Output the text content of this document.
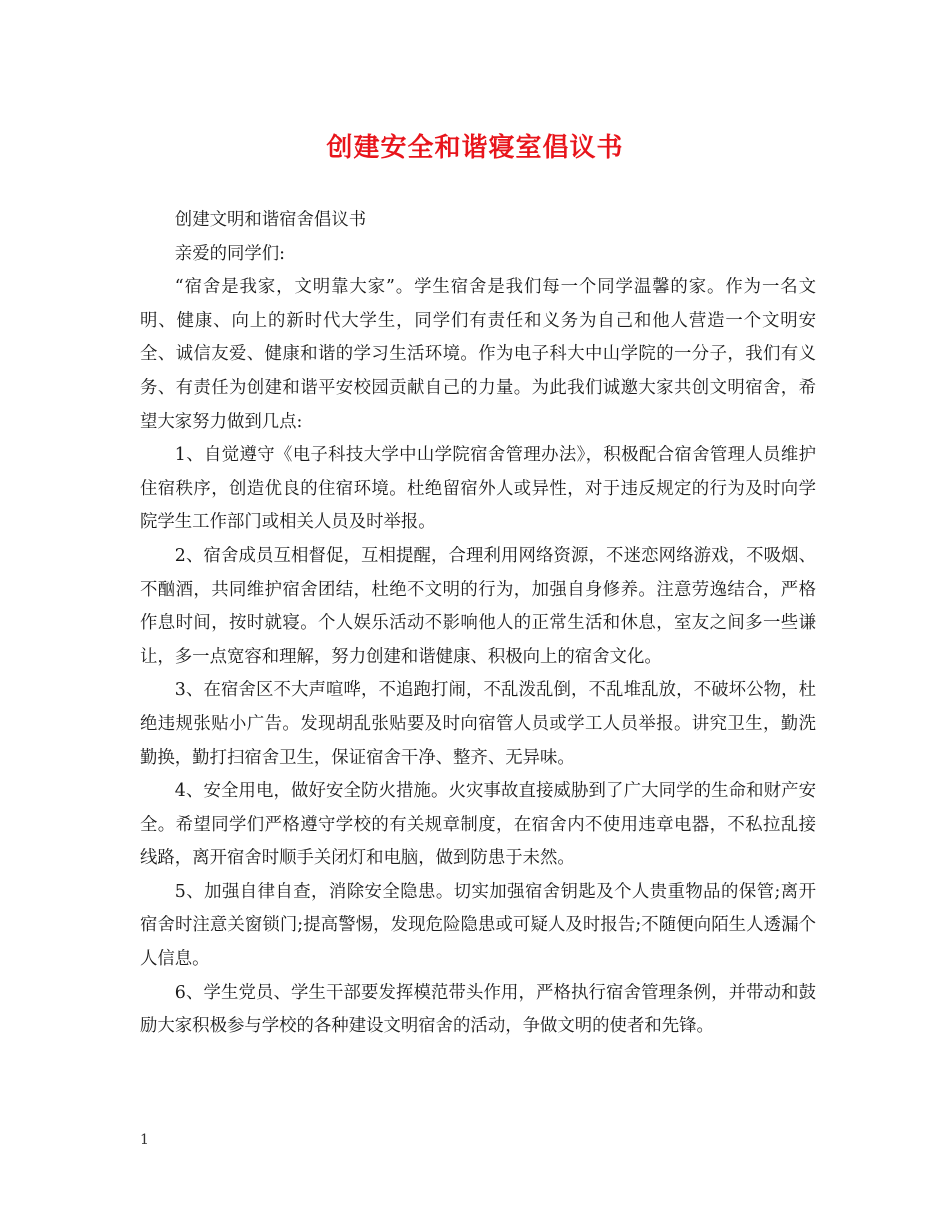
创建安全和谐寝室倡议书

创建文明和谐宿舍倡议书

亲爱的同学们:

“宿舍是我家，文明靠大家”。学生宿舍是我们每一个同学温馨的家。作为一名文明、健康、向上的新时代大学生，同学们有责任和义务为自己和他人营造一个文明安全、诚信友爱、健康和谐的学习生活环境。作为电子科大中山学院的一分子，我们有义务、有责任为创建和谐平安校园贡献自己的力量。为此我们诚邀大家共创文明宿舍，希望大家努力做到几点:

1、自觉遵守《电子科技大学中山学院宿舍管理办法》，积极配合宿舍管理人员维护住宿秩序，创造优良的住宿环境。杜绝留宿外人或异性，对于违反规定的行为及时向学院学生工作部门或相关人员及时举报。

2、宿舍成员互相督促，互相提醒，合理利用网络资源，不迷恋网络游戏，不吸烟、不酗酒，共同维护宿舍团结，杜绝不文明的行为，加强自身修养。注意劳逸结合，严格作息时间，按时就寝。个人娱乐活动不影响他人的正常生活和休息，室友之间多一些谦让，多一点宽容和理解，努力创建和谐健康、积极向上的宿舍文化。

3、在宿舍区不大声喧哗，不追跑打闹，不乱泼乱倒，不乱堆乱放，不破坏公物，杜绝违规张贴小广告。发现胡乱张贴要及时向宿管人员或学工人员举报。讲究卫生，勤洗勤换，勤打扫宿舍卫生，保证宿舍干净、整齐、无异味。

4、安全用电，做好安全防火措施。火灾事故直接威胁到了广大同学的生命和财产安全。希望同学们严格遵守学校的有关规章制度，在宿舍内不使用违章电器，不私拉乱接线路，离开宿舍时顺手关闭灯和电脑，做到防患于未然。

5、加强自律自查，消除安全隐患。切实加强宿舍钥匙及个人贵重物品的保管;离开宿舍时注意关窗锁门;提高警惕，发现危险隐患或可疑人及时报告;不随便向陌生人透漏个人信息。

6、学生党员、学生干部要发挥模范带头作用，严格执行宿舍管理条例，并带动和鼓励大家积极参与学校的各种建设文明宿舍的活动，争做文明的使者和先锋。

1
